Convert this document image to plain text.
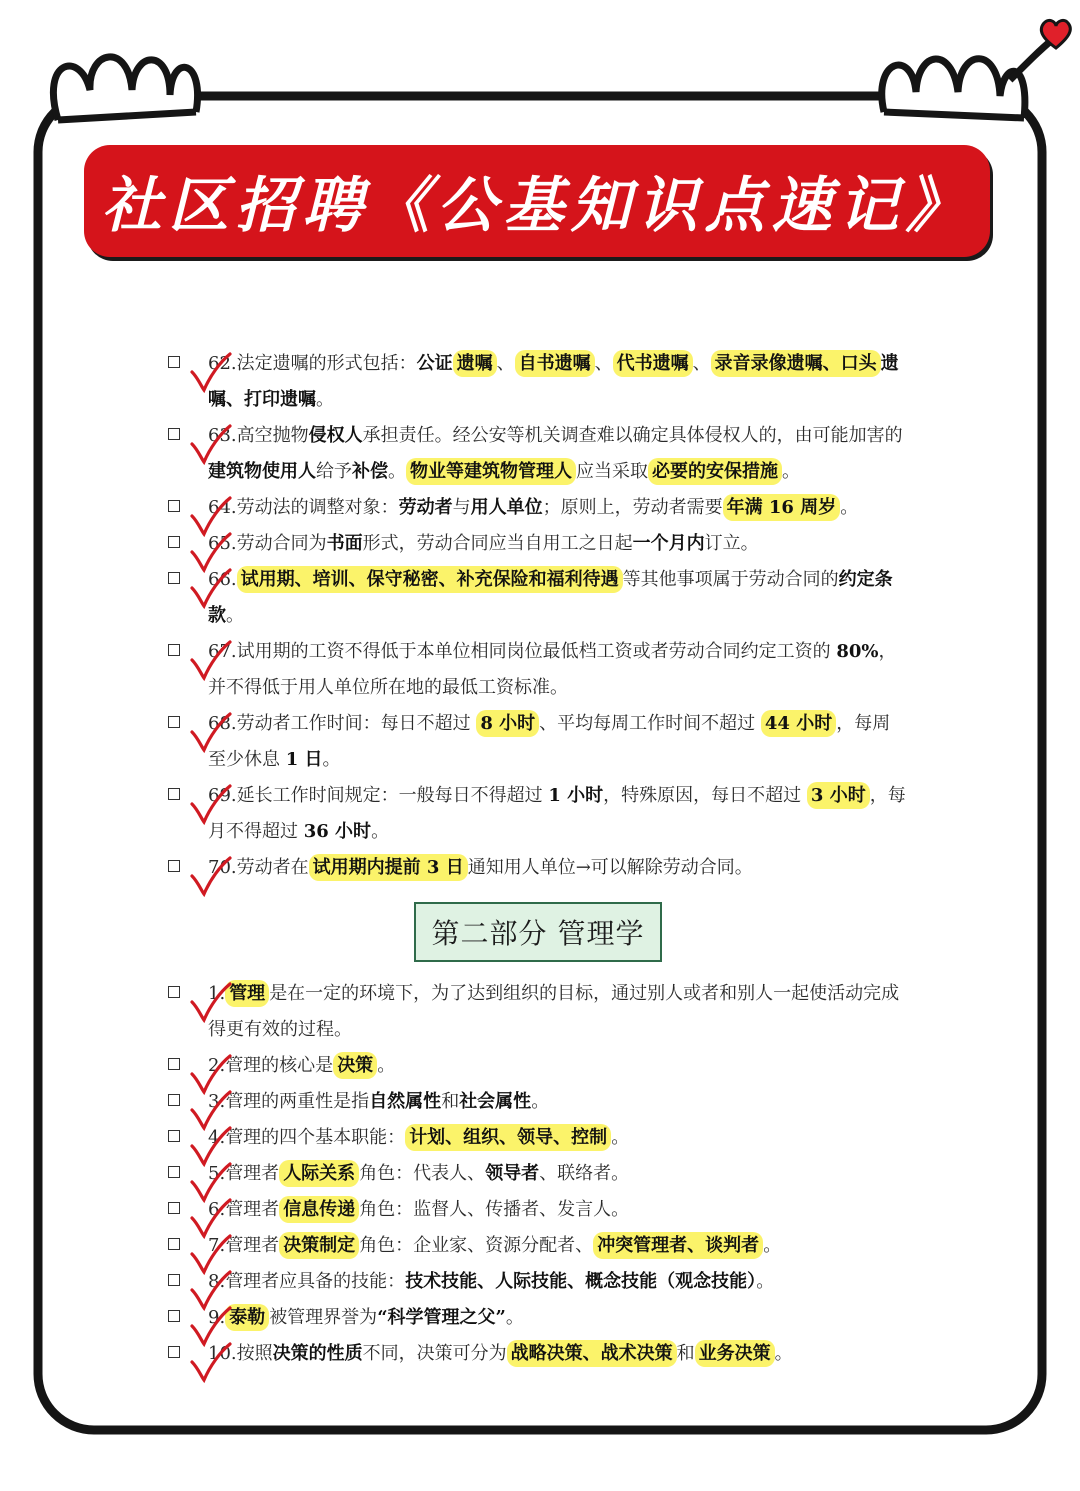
社区招聘《公基知识点速记》
62.法定遗嘱的形式包括：公证 遗嘱 、 自书遗嘱 、 代书遗嘱 、 录音录像遗嘱、口头 遗嘱、打印遗嘱。
63.高空抛物侵权人承担责任。经公安等机关调查难以确定具体侵权人的，由可能加害的建筑物使用人给予补偿。 物业等建筑物管理人 应当采取 必要的安保措施 。
64.劳动法的调整对象：劳动者与用人单位；原则上，劳动者需要 年满 16 周岁 。
65.劳动合同为书面形式，劳动合同应当自用工之日起一个月内订立。
66. 试用期、培训、保守秘密、补充保险和福利待遇 等其他事项属于劳动合同的约定条款。
67.试用期的工资不得低于本单位相同岗位最低档工资或者劳动合同约定工资的 80%，并不得低于用人单位所在地的最低工资标准。
68.劳动者工作时间：每日不超过 8 小时 、平均每周工作时间不超过 44 小时 ，每周至少休息 1 日。
69.延长工作时间规定：一般每日不得超过 1 小时，特殊原因，每日不超过 3 小时 ，每月不得超过 36 小时。
70.劳动者在 试用期内提前 3 日 通知用人单位→可以解除劳动合同。
第二部分 管理学
1. 管理 是在一定的环境下，为了达到组织的目标，通过别人或者和别人一起使活动完成得更有效的过程。
2.管理的核心是 决策 。
3.管理的两重性是指自然属性和社会属性。
4.管理的四个基本职能： 计划、组织、领导、控制 。
5.管理者 人际关系 角色：代表人、领导者、联络者。
6.管理者 信息传递 角色：监督人、传播者、发言人。
7.管理者 决策制定 角色：企业家、资源分配者、 冲突管理者、谈判者 。
8.管理者应具备的技能：技术技能、人际技能、概念技能（观念技能）。
9. 泰勒 被管理界誉为“科学管理之父”。
10.按照决策的性质不同，决策可分为 战略决策、战术决策 和 业务决策 。
